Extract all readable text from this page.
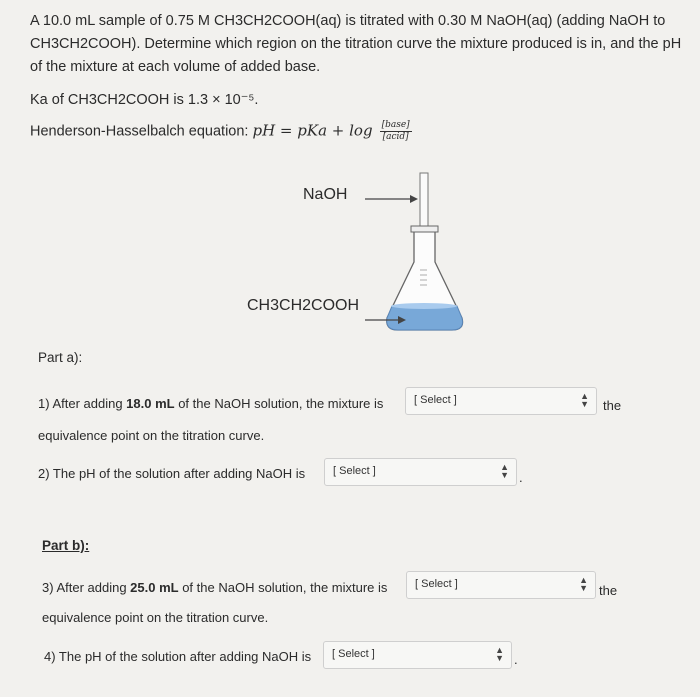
A 10.0 mL sample of 0.75 M CH3CH2COOH(aq) is titrated with 0.30 M NaOH(aq) (adding NaOH to CH3CH2COOH). Determine which region on the titration curve the mixture produced is in, and the pH of the mixture at each volume of added base.
Ka of CH3CH2COOH is 1.3 × 10⁻⁵.
Henderson-Hasselbalch equation: pH = pKa + $\log \frac{\text{[base]}}{\text{[acid]}}$
NaOH
CH3CH2COOH
Part a):
1) After adding 18.0 mL of the NaOH solution, the mixture is	[ Select ]	▲
▼ the
equivalence point on the titration curve.
2) The pH of the solution after adding NaOH is	[ Select ]	▲
▼ .
Part b):
3) After adding 25.0 mL of the NaOH solution, the mixture is	[ Select ]	▲
▼ the
equivalence point on the titration curve.
4) The pH of the solution after adding NaOH is	[ Select ]	▲
▼ .
